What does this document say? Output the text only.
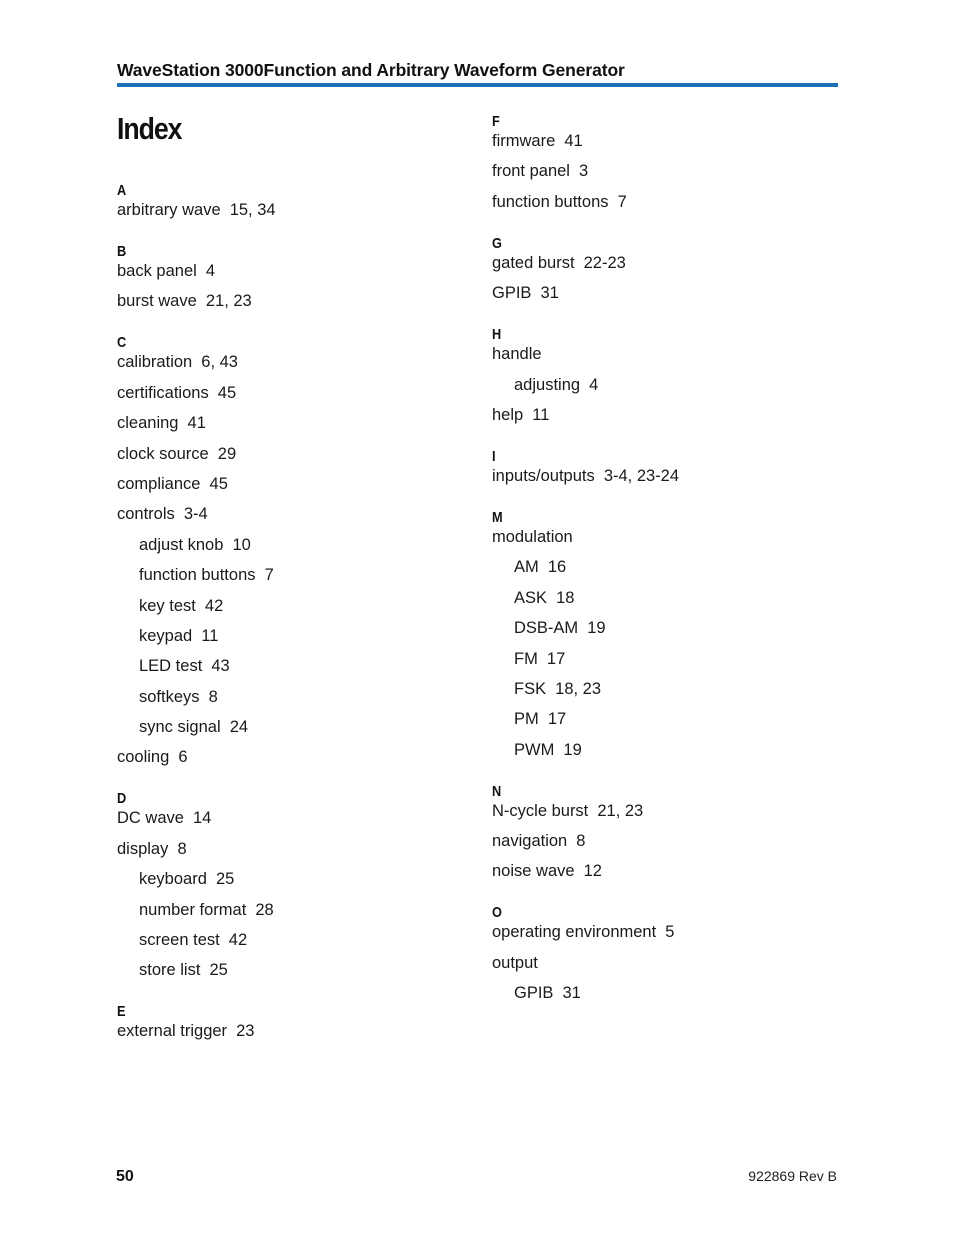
WaveStation 3000Function and Arbitrary Waveform Generator
Index
A
arbitrary wave 15, 34
B
back panel 4
burst wave 21, 23
C
calibration 6, 43
certifications 45
cleaning 41
clock source 29
compliance 45
controls 3-4
adjust knob 10
function buttons 7
key test 42
keypad 11
LED test 43
softkeys 8
sync signal 24
cooling 6
D
DC wave 14
display 8
keyboard 25
number format 28
screen test 42
store list 25
E
external trigger 23
F
firmware 41
front panel 3
function buttons 7
G
gated burst 22-23
GPIB 31
H
handle
adjusting 4
help 11
I
inputs/outputs 3-4, 23-24
M
modulation
AM 16
ASK 18
DSB-AM 19
FM 17
FSK 18, 23
PM 17
PWM 19
N
N-cycle burst 21, 23
navigation 8
noise wave 12
O
operating environment 5
output
GPIB 31
50	922869 Rev B
